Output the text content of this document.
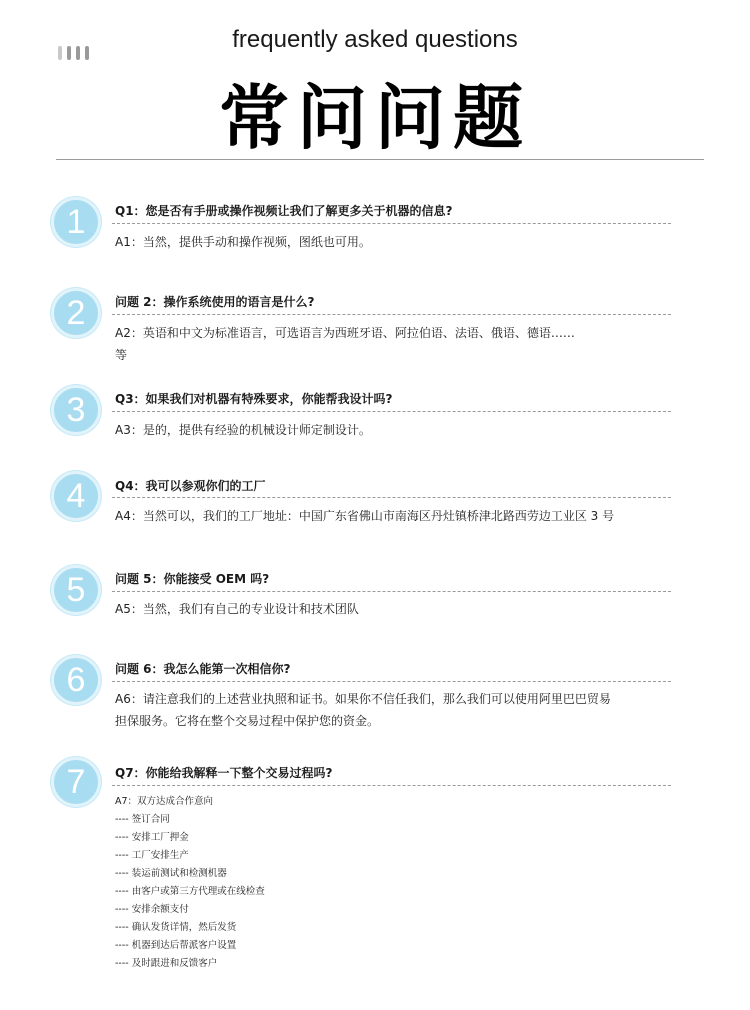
frequently asked questions
常问问题
1	Q1：您是否有手册或操作视频让我们了解更多关于机器的信息?
A1：当然，提供手动和操作视频，图纸也可用。
2	问题 2：操作系统使用的语言是什么?
A2：英语和中文为标准语言，可选语言为西班牙语、阿拉伯语、法语、俄语、德语……等
3	Q3：如果我们对机器有特殊要求，你能帮我设计吗?
A3：是的，提供有经验的机械设计师定制设计。
4	Q4：我可以参观你们的工厂
A4：当然可以，我们的工厂地址：中国广东省佛山市南海区丹灶镇桥津北路西劳边工业区 3 号
5	问题 5：你能接受 OEM 吗?
A5：当然，我们有自己的专业设计和技术团队
6	问题 6：我怎么能第一次相信你?
A6：请注意我们的上述营业执照和证书。如果你不信任我们，那么我们可以使用阿里巴巴贸易担保服务。它将在整个交易过程中保护您的资金。
7	Q7：你能给我解释一下整个交易过程吗?
A7：双方达成合作意向
---- 签订合同
---- 安排工厂押金
---- 工厂安排生产
---- 装运前测试和检测机器
---- 由客户或第三方代理或在线检查
---- 安排余额支付
---- 确认发货详情，然后发货
---- 机器到达后帮派客户设置
---- 及时跟进和反馈客户
